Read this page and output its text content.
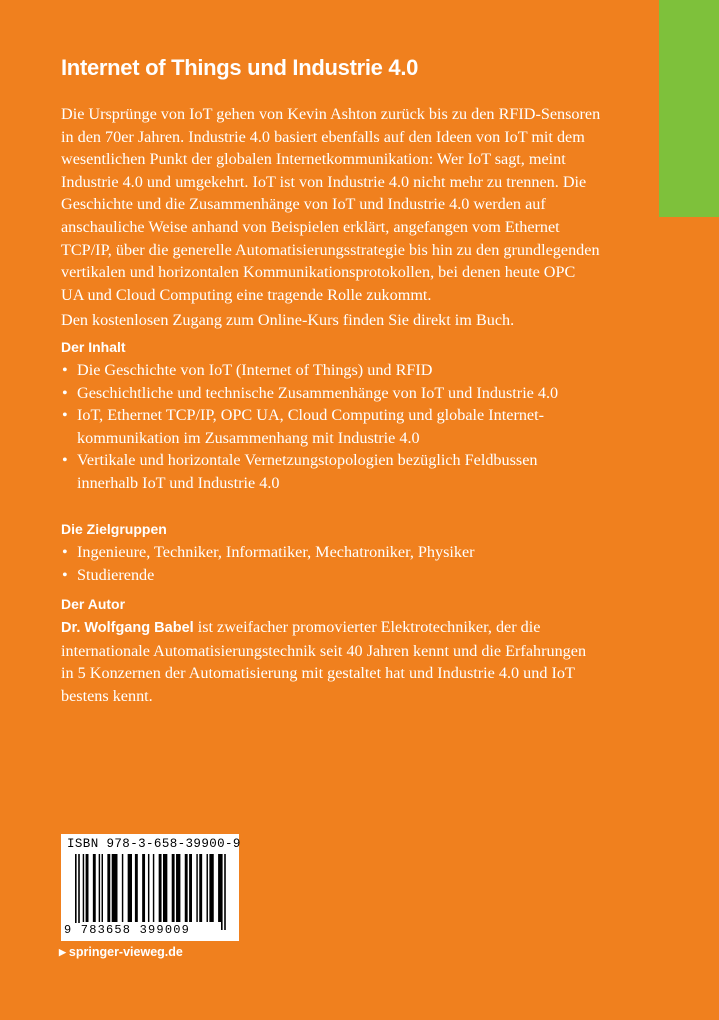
Internet of Things und Industrie 4.0

Die Ursprünge von IoT gehen von Kevin Ashton zurück bis zu den RFID-Sensoren in den 70er Jahren. Industrie 4.0 basiert ebenfalls auf den Ideen von IoT mit dem wesentlichen Punkt der globalen Internetkommunikation: Wer IoT sagt, meint Industrie 4.0 und umgekehrt. IoT ist von Industrie 4.0 nicht mehr zu trennen. Die Geschichte und die Zusammenhänge von IoT und Industrie 4.0 werden auf anschauliche Weise anhand von Beispielen erklärt, angefangen vom Ethernet TCP/IP, über die generelle Automatisierungsstrategie bis hin zu den grundlegenden vertikalen und horizontalen Kommunikationsprotokollen, bei denen heute OPC UA und Cloud Computing eine tragende Rolle zukommt.

Den kostenlosen Zugang zum Online-Kurs finden Sie direkt im Buch.

Der Inhalt
• Die Geschichte von IoT (Internet of Things) und RFID
• Geschichtliche und technische Zusammenhänge von IoT und Industrie 4.0
• IoT, Ethernet TCP/IP, OPC UA, Cloud Computing und globale Internet-kommunikation im Zusammenhang mit Industrie 4.0
• Vertikale und horizontale Vernetzungstopologien bezüglich Feldbussen innerhalb IoT und Industrie 4.0
Die Zielgruppen
• Ingenieure, Techniker, Informatiker, Mechatroniker, Physiker
• Studierende
Der Autor

Dr. Wolfgang Babel ist zweifacher promovierter Elektrotechniker, der die internationale Automatisierungstechnik seit 40 Jahren kennt und die Erfahrungen in 5 Konzernen der Automatisierung mit gestaltet hat und Industrie 4.0 und IoT bestens kennt.

ISBN 978-3-658-39900-9
9 783658 399009
▶ springer-vieweg.de
